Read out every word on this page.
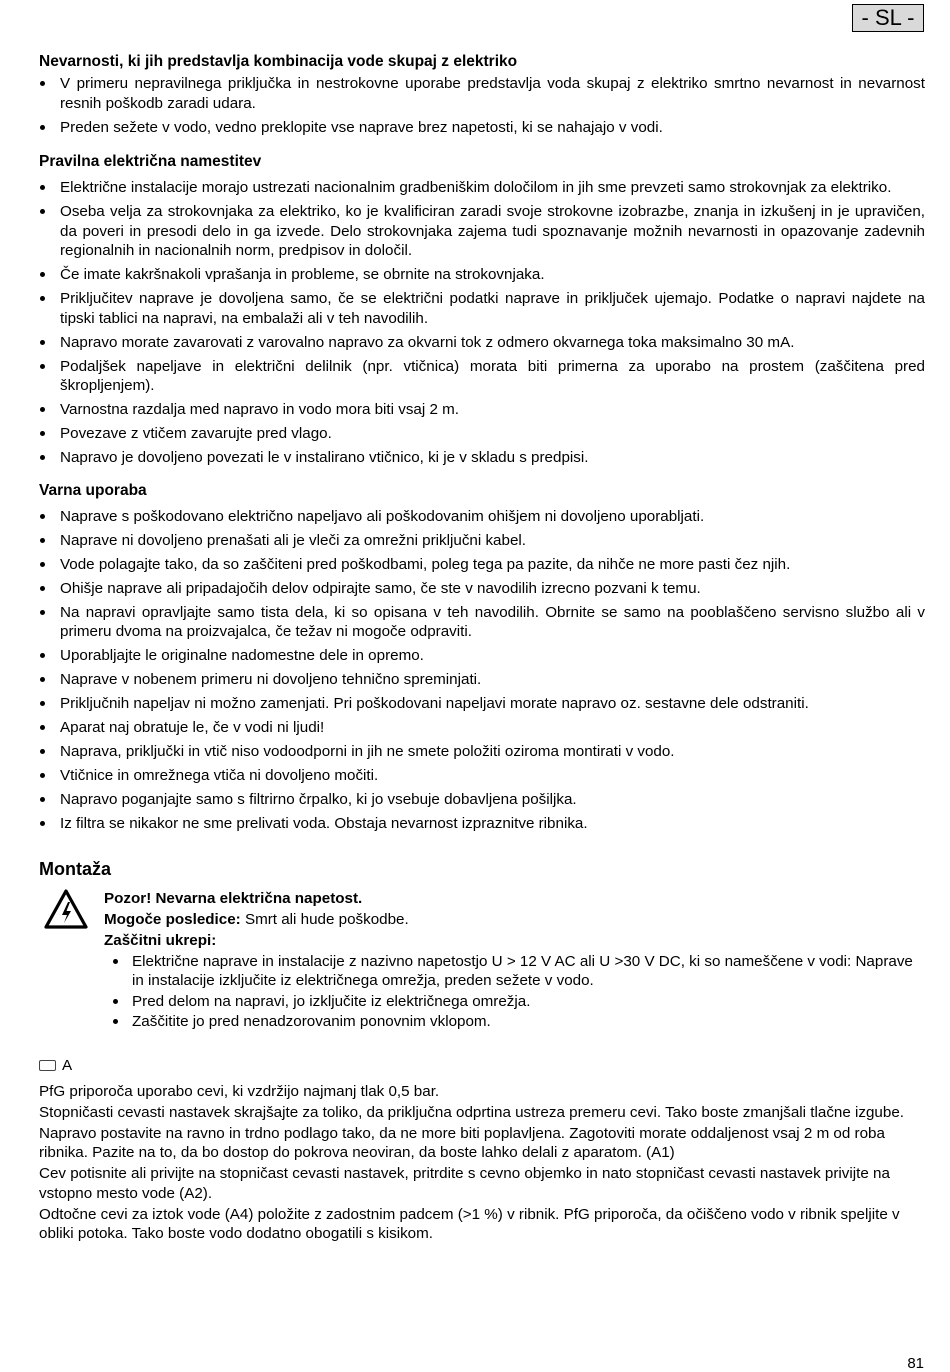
- SL -
Nevarnosti, ki jih predstavlja kombinacija vode skupaj z elektriko
V primeru nepravilnega priključka in nestrokovne uporabe predstavlja voda skupaj z elektriko smrtno nevarnost in nevarnost resnih poškodb zaradi udara.
Preden sežete v vodo, vedno preklopite vse naprave brez napetosti, ki se nahajajo v vodi.
Pravilna električna namestitev
Električne instalacije morajo ustrezati nacionalnim gradbeniškim določilom in jih sme prevzeti samo strokovnjak za elektriko.
Oseba velja za strokovnjaka za elektriko, ko je kvalificiran zaradi svoje strokovne izobrazbe, znanja in izkušenj in je upravičen, da poveri in presodi delo in ga izvede. Delo strokovnjaka zajema tudi spoznavanje možnih nevarnosti in opazovanje zadevnih regionalnih in nacionalnih norm, predpisov in določil.
Če imate kakršnakoli vprašanja in probleme, se obrnite na strokovnjaka.
Priključitev naprave je dovoljena samo, če se električni podatki naprave in priključek ujemajo. Podatke o napravi najdete na tipski tablici na napravi, na embalaži ali v teh navodilih.
Napravo morate zavarovati z varovalno napravo za okvarni tok z odmero okvarnega toka maksimalno 30 mA.
Podaljšek napeljave in električni delilnik (npr. vtičnica) morata biti primerna za uporabo na prostem (zaščitena pred škropljenjem).
Varnostna razdalja med napravo in vodo mora biti vsaj 2 m.
Povezave z vtičem zavarujte pred vlago.
Napravo je dovoljeno povezati le v instalirano vtičnico, ki je v skladu s predpisi.
Varna uporaba
Naprave s poškodovano električno napeljavo ali poškodovanim ohišjem ni dovoljeno uporabljati.
Naprave ni dovoljeno prenašati ali je vleči za omrežni priključni kabel.
Vode polagajte tako, da so zaščiteni pred poškodbami, poleg tega pa pazite, da nihče ne more pasti čez njih.
Ohišje naprave ali pripadajočih delov odpirajte samo, če ste v navodilih izrecno pozvani k temu.
Na napravi opravljajte samo tista dela, ki so opisana v teh navodilih. Obrnite se samo na pooblaščeno servisno službo ali v primeru dvoma na proizvajalca, če težav ni mogoče odpraviti.
Uporabljajte le originalne nadomestne dele in opremo.
Naprave v nobenem primeru ni dovoljeno tehnično spreminjati.
Priključnih napeljav ni možno zamenjati. Pri poškodovani napeljavi morate napravo oz. sestavne dele odstraniti.
Aparat naj obratuje le, če v vodi ni ljudi!
Naprava, priključki in vtič niso vodoodporni in jih ne smete položiti oziroma montirati v vodo.
Vtičnice in omrežnega vtiča ni dovoljeno močiti.
Napravo poganjajte samo s filtrirno črpalko, ki jo vsebuje dobavljena pošiljka.
Iz filtra se nikakor ne sme prelivati voda. Obstaja nevarnost izpraznitve ribnika.
Montaža

Pozor! Nevarna električna napetost.

Mogoče posledice: Smrt ali hude poškodbe.

Zaščitni ukrepi:

Električne naprave in instalacije z nazivno napetostjo U > 12 V AC ali U >30 V DC, ki so nameščene v vodi: Naprave in instalacije izključite iz električnega omrežja, preden sežete v vodo.
Pred delom na napravi, jo izključite iz električnega omrežja.
Zaščitite jo pred nenadzorovanim ponovnim vklopom.
A

PfG priporoča uporabo cevi, ki vzdržijo najmanj tlak 0,5 bar.

Stopničasti cevasti nastavek skrajšajte za toliko, da priključna odprtina ustreza premeru cevi. Tako boste zmanjšali tlačne izgube.

Napravo postavite na ravno in trdno podlago tako, da ne more biti poplavljena. Zagotoviti morate oddaljenost vsaj 2 m od roba ribnika. Pazite na to, da bo dostop do pokrova neoviran, da boste lahko delali z aparatom. (A1)

Cev potisnite ali privijte na stopničast cevasti nastavek, pritrdite s cevno objemko in nato stopničast cevasti nastavek privijte na vstopno mesto vode (A2).

Odtočne cevi za iztok vode (A4) položite z zadostnim padcem (>1 %) v ribnik. PfG priporoča, da očiščeno vodo v ribnik speljite v obliki potoka. Tako boste vodo dodatno obogatili s kisikom.

81
